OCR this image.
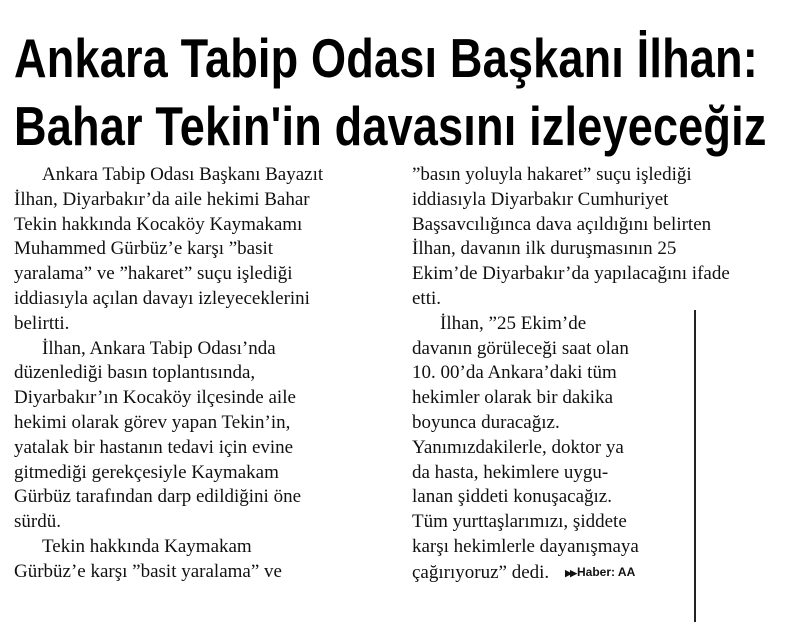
Ankara Tabip Odası Başkanı İlhan:
Bahar Tekin'in davasını izleyeceğiz
Ankara Tabip Odası Başkanı Bayazıt
İlhan, Diyarbakır’da aile hekimi Bahar
Tekin hakkında Kocaköy Kaymakamı
Muhammed Gürbüz’e karşı ”basit
yaralama” ve ”hakaret” suçu işlediği
iddiasıyla açılan davayı izleyeceklerini
belirtti.
İlhan, Ankara Tabip Odası’nda
düzenlediği basın toplantısında,
Diyarbakır’ın Kocaköy ilçesinde aile
hekimi olarak görev yapan Tekin’in,
yatalak bir hastanın tedavi için evine
gitmediği gerekçesiyle Kaymakam
Gürbüz tarafından darp edildiğini öne
sürdü.
Tekin hakkında Kaymakam
Gürbüz’e karşı ”basit yaralama” ve
”basın yoluyla hakaret” suçu işlediği
iddiasıyla Diyarbakır Cumhuriyet
Başsavcılığınca dava açıldığını belirten
İlhan, davanın ilk duruşmasının 25
Ekim’de Diyarbakır’da yapılacağını ifade
etti.
İlhan, ”25 Ekim’de
davanın görüleceği saat olan
10. 00’da Ankara’daki tüm
hekimler olarak bir dakika
boyunca duracağız.
Yanımızdakilerle, doktor ya
da hasta, hekimlere uygu-
lanan şiddeti konuşacağız.
Tüm yurttaşlarımızı, şiddete
karşı hekimlerle dayanışmaya
çağırıyoruz” dedi. ▶▶ Haber: AA
